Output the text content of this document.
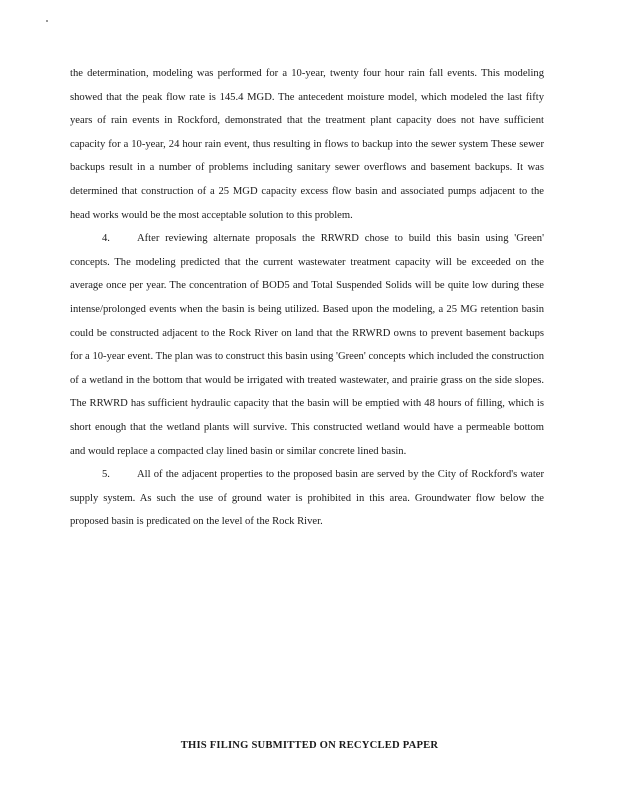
the determination, modeling was performed for a 10-year, twenty four hour rain fall events. This modeling showed that the peak flow rate is 145.4 MGD. The antecedent moisture model, which modeled the last fifty years of rain events in Rockford, demonstrated that the treatment plant capacity does not have sufficient capacity for a 10-year, 24 hour rain event, thus resulting in flows to backup into the sewer system These sewer backups result in a number of problems including sanitary sewer overflows and basement backups. It was determined that construction of a 25 MGD capacity excess flow basin and associated pumps adjacent to the head works would be the most acceptable solution to this problem.

4.	After reviewing alternate proposals the RRWRD chose to build this basin using 'Green' concepts. The modeling predicted that the current wastewater treatment capacity will be exceeded on the average once per year. The concentration of BOD5 and Total Suspended Solids will be quite low during these intense/prolonged events when the basin is being utilized. Based upon the modeling, a 25 MG retention basin could be constructed adjacent to the Rock River on land that the RRWRD owns to prevent basement backups for a 10-year event. The plan was to construct this basin using 'Green' concepts which included the construction of a wetland in the bottom that would be irrigated with treated wastewater, and prairie grass on the side slopes. The RRWRD has sufficient hydraulic capacity that the basin will be emptied with 48 hours of filling, which is short enough that the wetland plants will survive. This constructed wetland would have a permeable bottom and would replace a compacted clay lined basin or similar concrete lined basin.

5.	All of the adjacent properties to the proposed basin are served by the City of Rockford's water supply system. As such the use of ground water is prohibited in this area. Groundwater flow below the proposed basin is predicated on the level of the Rock River.

THIS FILING SUBMITTED ON RECYCLED PAPER
